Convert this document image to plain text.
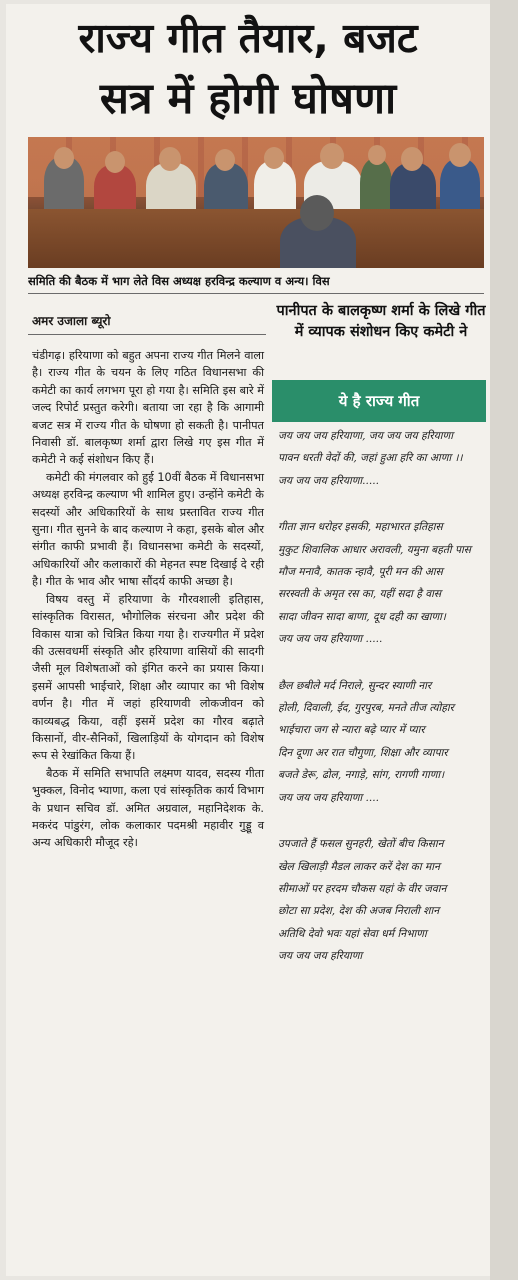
राज्य गीत तैयार, बजट
सत्र में होगी घोषणा
समिति की बैठक में भाग लेते विस अध्यक्ष हरविन्द्र कल्याण व अन्य। विस
अमर उजाला ब्यूरो
पानीपत के बालकृष्ण शर्मा के लिखे गीत में व्यापक संशोधन किए कमेटी ने

चंडीगढ़। हरियाणा को बहुत अपना राज्य गीत मिलने वाला है। राज्य गीत के चयन के लिए गठित विधानसभा की कमेटी का कार्य लगभग पूरा हो गया है। समिति इस बारे में जल्द रिपोर्ट प्रस्तुत करेगी। बताया जा रहा है कि आगामी बजट सत्र में राज्य गीत के घोषणा हो सकती है। पानीपत निवासी डॉ. बालकृष्ण शर्मा द्वारा लिखे गए इस गीत में कमेटी ने कई संशोधन किए हैं।

कमेटी की मंगलवार को हुई 10वीं बैठक में विधानसभा अध्यक्ष हरविन्द्र कल्याण भी शामिल हुए। उन्होंने कमेटी के सदस्यों और अधिकारियों के साथ प्रस्तावित राज्य गीत सुना। गीत सुनने के बाद कल्याण ने कहा, इसके बोल और संगीत काफी प्रभावी हैं। विधानसभा कमेटी के सदस्यों, अधिकारियों और कलाकारों की मेहनत स्पष्ट दिखाई दे रही है। गीत के भाव और भाषा सौंदर्य काफी अच्छा है।

विषय वस्तु में हरियाणा के गौरवशाली इतिहास, सांस्कृतिक विरासत, भौगोलिक संरचना और प्रदेश की विकास यात्रा को चित्रित किया गया है। राज्यगीत में प्रदेश की उत्सवधर्मी संस्कृति और हरियाणा वासियों की सादगी जैसी मूल विशेषताओं को इंगित करने का प्रयास किया। इसमें आपसी भाईचारे, शिक्षा और व्यापार का भी विशेष वर्णन है। गीत में जहां हरियाणवी लोकजीवन को काव्यबद्ध किया, वहीं इसमें प्रदेश का गौरव बढ़ाते किसानों, वीर-सैनिकों, खिलाड़ियों के योगदान को विशेष रूप से रेखांकित किया हैं।

बैठक में समिति सभापति लक्ष्मण यादव, सदस्य गीता भुक्कल, विनोद भ्याणा, कला एवं सांस्कृतिक कार्य विभाग के प्रधान सचिव डॉ. अमित अग्रवाल, महानिदेशक के. मकरंद पांडुरंग, लोक कलाकार पदमश्री महावीर गुड्डू व अन्य अधिकारी मौजूद रहे।

ये है राज्य गीत
जय जय जय हरियाणा, जय जय जय हरियाणा
पावन धरती वेदों की, जहां हुआ हरि का आणा ।।
जय जय जय हरियाणा.....
गीता ज्ञान धरोहर इसकी, महाभारत इतिहास
मुकुट शिवालिक आधार अरावली, यमुना बहती पास
मौज मनावै, कातक न्हावै, पूरी मन की आस
सरस्वती के अमृत रस का, यहीं सदा है वास
सादा जीवन सादा बाणा, दूध दही का खाणा।
जय जय जय हरियाणा .....
छैल छबीले मर्द निराले, सुन्दर स्याणी नार
होली, दिवाली, ईद, गुरपुरब, मनते तीज त्योहार
भाईचारा जग से न्यारा बढ़े प्यार में प्यार
दिन दूणा अर रात चौगुणा, शिक्षा और व्यापार
बजते डेरू, ढोल, नगाड़े, सांग, रागणी गाणा।
जय जय जय हरियाणा ....
उपजाते हैं फसल सुनहरी, खेतों बीच किसान
खेल खिलाड़ी मैडल लाकर करें देश का मान
सीमाओं पर हरदम चौकस यहां के वीर जवान
छोटा सा प्रदेश, देश की अजब निराली शान
अतिथि देवो भवः यहां सेवा धर्म निभाणा
जय जय जय हरियाणा
